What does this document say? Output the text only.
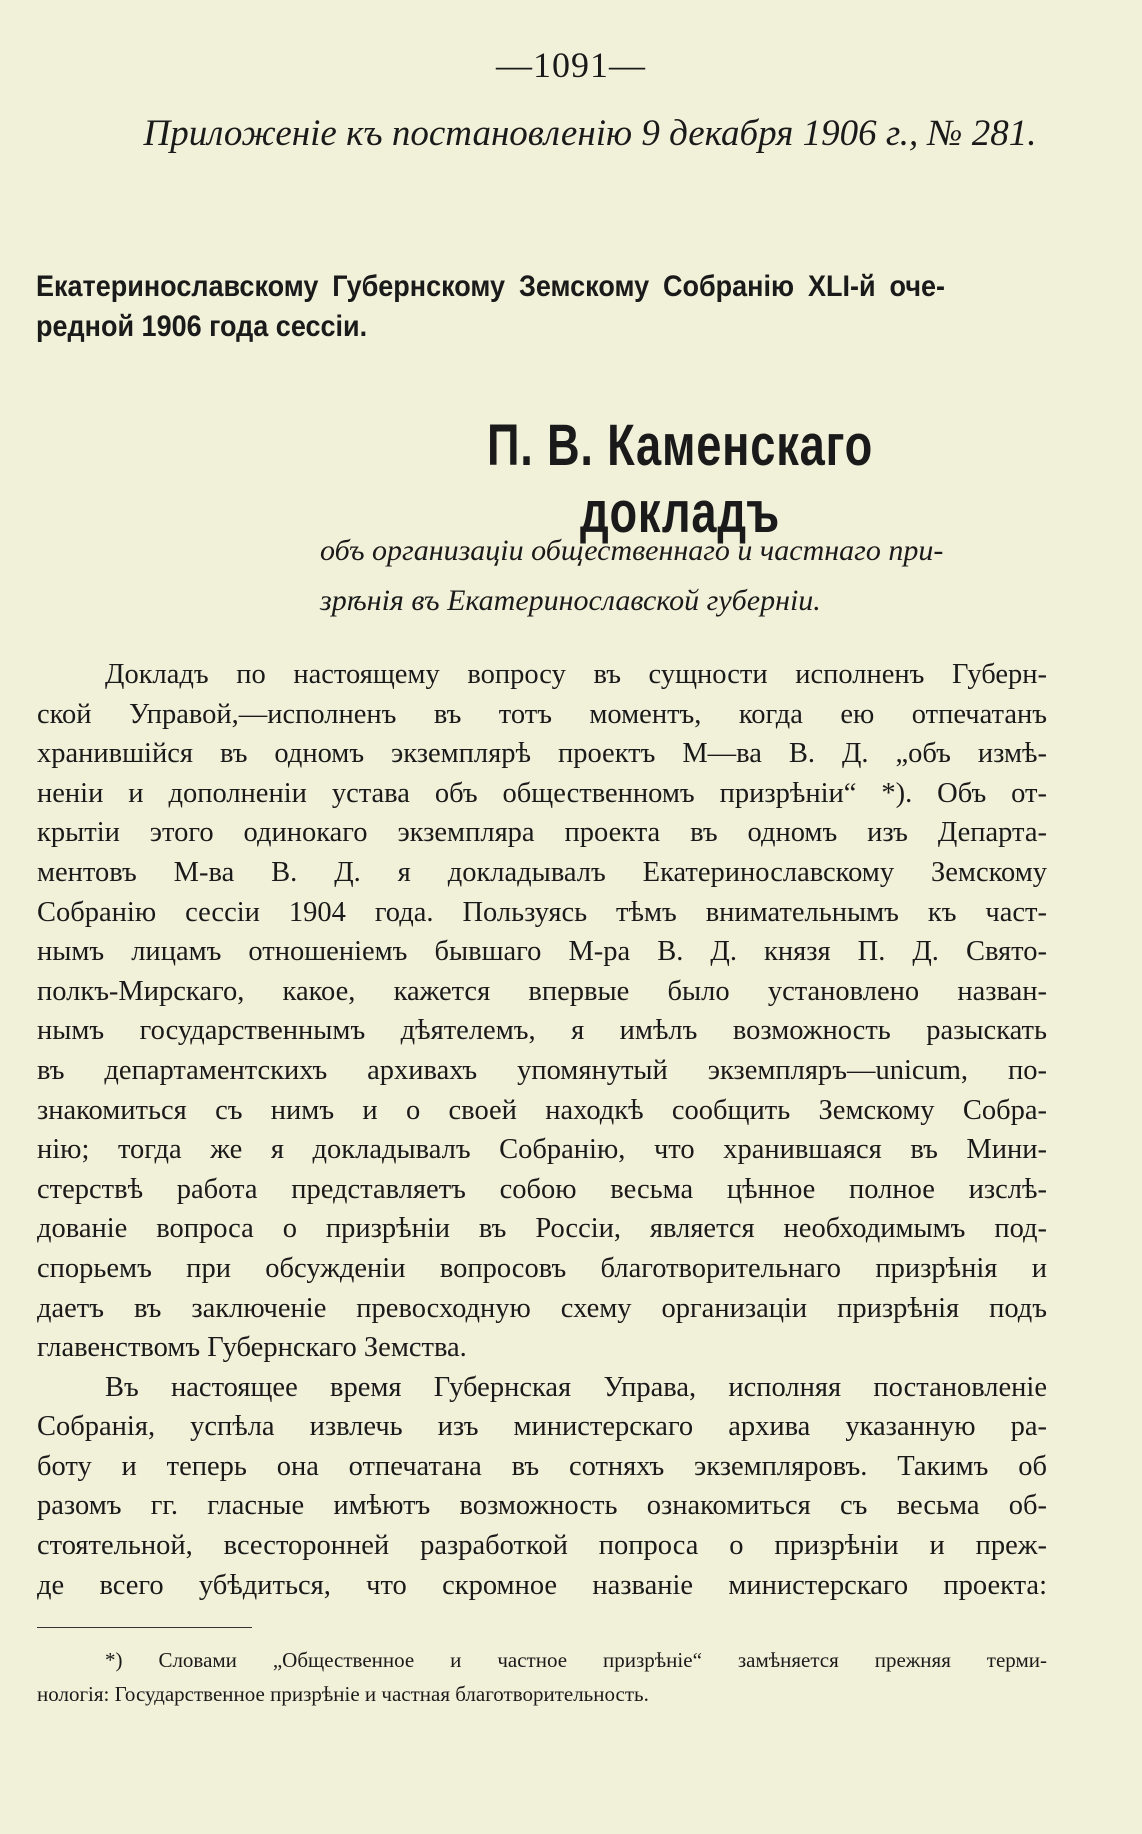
—1091—
Приложеніе къ постановленію 9 декабря 1906 г., № 281.
Екатеринославскому Губернскому Земскому Собранію XLI-й оче-
редной 1906 года сессіи.
П. В. Каменскаго докладъ
объ организаціи общественнаго и частнаго при-
зрѣнія въ Екатеринославской губерніи.
Докладъ по настоящему вопросу въ сущности исполненъ Губерн-
ской Управой,—исполненъ въ тотъ моментъ, когда ею отпечатанъ
хранившійся въ одномъ экземплярѣ проектъ М—ва В. Д. „объ измѣ-
неніи и дополненіи устава объ общественномъ призрѣніи“ *). Объ от-
крытіи этого одинокаго экземпляра проекта въ одномъ изъ Департа-
ментовъ М-ва В. Д. я докладывалъ Екатеринославскому Земскому
Собранію сессіи 1904 года. Пользуясь тѣмъ внимательнымъ къ част-
нымъ лицамъ отношеніемъ бывшаго М-ра В. Д. князя П. Д. Свято-
полкъ-Мирскаго, какое, кажется впервые было установлено назван-
нымъ государственнымъ дѣятелемъ, я имѣлъ возможность разыскать
въ департаментскихъ архивахъ упомянутый экземпляръ—unicum, по-
знакомиться съ нимъ и о своей находкѣ сообщить Земскому Собра-
нію; тогда же я докладывалъ Собранію, что хранившаяся въ Мини-
стерствѣ работа представляетъ собою весьма цѣнное полное изслѣ-
дованіе вопроса о призрѣніи въ Россіи, является необходимымъ под-
спорьемъ при обсужденіи вопросовъ благотворительнаго призрѣнія и
даетъ въ заключеніе превосходную схему организаціи призрѣнія подъ
главенствомъ Губернскаго Земства.
Въ настоящее время Губернская Управа, исполняя постановленіе
Собранія, успѣла извлечь изъ министерскаго архива указанную ра-
боту и теперь она отпечатана въ сотняхъ экземпляровъ. Такимъ об
разомъ гг. гласные имѣютъ возможность ознакомиться съ весьма об-
стоятельной, всесторонней разработкой попроса о призрѣніи и преж-
де всего убѣдиться, что скромное названіе министерскаго проекта:
*) Словами „Общественное и частное призрѣніе“ замѣняется прежняя терми-
нологія: Государственное призрѣніе и частная благотворительность.
